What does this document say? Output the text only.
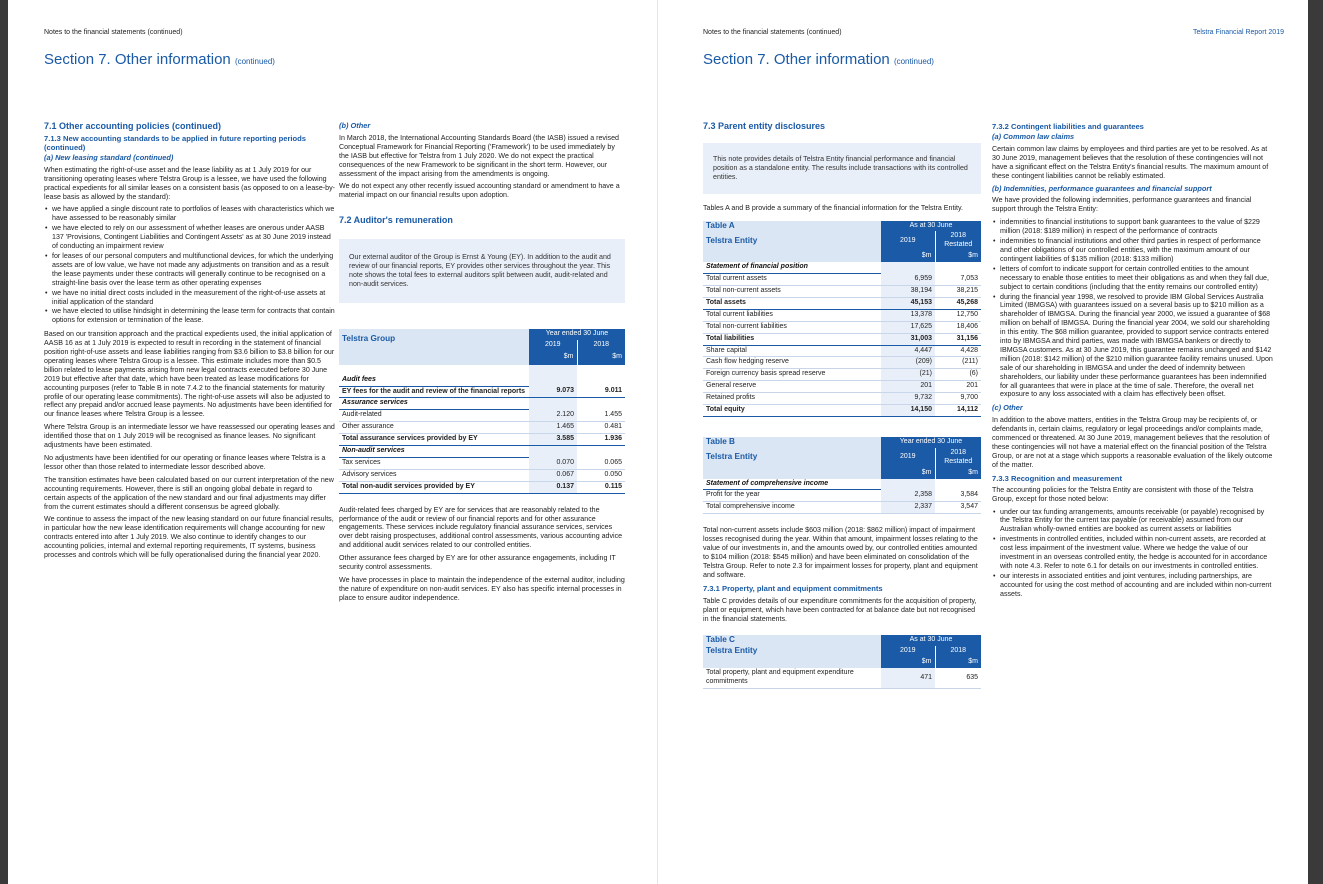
Notes to the financial statements (continued)
Section 7. Other information (continued)
7.1 Other accounting policies (continued)
7.1.3 New accounting standards to be applied in future reporting periods (continued)
(a) New leasing standard (continued)

When estimating the right-of-use asset and the lease liability as at 1 July 2019 for our transitioning operating leases where Telstra Group is a lessee, we have used the following practical expedients for all similar leases on a consistent basis (as opposed to on a lease-by-lease basis as allowed by the standard):

• we have applied a single discount rate to portfolios of leases with characteristics which we have assessed to be reasonably similar
• we have elected to rely on our assessment of whether leases are onerous under AASB 137 'Provisions, Contingent Liabilities and Contingent Assets' as at 30 June 2019 instead of conducting an impairment review
• for leases of our personal computers and multifunctional devices, for which the underlying assets are of low value, we have not made any adjustments on transition and as a result the lease payments under these contracts will generally continue to be recognised on a straight-line basis over the lease term as other operating expenses
• we have no initial direct costs included in the measurement of the right-of-use assets at initial application of the standard
• we have elected to utilise hindsight in determining the lease term for contracts that contain options for extension or termination of the lease.

Based on our transition approach and the practical expedients used, the initial application of AASB 16 as at 1 July 2019 is expected to result in recording in the statement of financial position right-of-use assets and lease liabilities ranging from $3.6 billion to $3.8 billion for our operating leases where Telstra Group is a lessee. This estimate includes more than $0.5 billion related to lease payments arising from new legal contracts executed before 30 June 2019 but effective after that date, which have been treated as lease modifications for accounting purposes (refer to Table B in note 7.4.2 to the financial statements for maturity profile of our operating lease commitments). The right-of-use assets will also be adjusted to reflect any prepaid and/or accrued lease payments. No adjustments have been identified for our finance leases where Telstra Group is a lessee.

Where Telstra Group is an intermediate lessor we have reassessed our operating leases and identified those that on 1 July 2019 will be recognised as finance leases. No significant adjustments have been estimated.

No adjustments have been identified for our operating or finance leases where Telstra is a lessor other than those related to intermediate lessor described above.

The transition estimates have been calculated based on our current interpretation of the new accounting requirements. However, there is still an ongoing global debate in regard to certain aspects of the application of the new standard and our final adjustments may differ from the current estimates should a different consensus be agreed globally.

We continue to assess the impact of the new leasing standard on our future financial results, in particular how the new lease identification requirements will change accounting for new contracts entered into after 1 July 2019. We also continue to identify changes to our accounting policies, internal and external reporting requirements, IT systems, business processes and controls which will be fully operationalised during the financial year 2020.

(b) Other

In March 2018, the International Accounting Standards Board (the IASB) issued a revised Conceptual Framework for Financial Reporting ('Framework') to be used immediately by the IASB but effective for Telstra from 1 July 2020. We do not expect the practical consequences of the new Framework to be significant in the short term. However, our assessment of the impact arising from the amendments is ongoing.

We do not expect any other recently issued accounting standard or amendment to have a material impact on our financial results upon adoption.

7.2 Auditor's remuneration
Our external auditor of the Group is Ernst & Young (EY). In addition to the audit and review of our financial reports, EY provides other services throughout the year. This note shows the total fees to external auditors split between audit, audit-related and non-audit services.
Telstra Group	Year ended 30 June	
	2019	2018
	$m	$m

Audit fees		
EY fees for the audit and review of the financial reports	9.073	9.011
Assurance services		
Audit-related	2.120	1.455
Other assurance	1.465	0.481
Total assurance services provided by EY	3.585	1.936
Non-audit services		
Tax services	0.070	0.065
Advisory services	0.067	0.050
Total non-audit services provided by EY	0.137	0.115

Audit-related fees charged by EY are for services that are reasonably related to the performance of the audit or review of our financial reports and for other assurance engagements. These services include regulatory financial assurance services, services over debt raising prospectuses, additional control assessments, various accounting advice and additional audit services related to our controlled entities.

Other assurance fees charged by EY are for other assurance engagements, including IT security control assessments.

We have processes in place to maintain the independence of the external auditor, including the nature of expenditure on non-audit services. EY also has specific internal processes in place to ensure auditor independence.

Notes to the financial statements (continued)	Telstra Financial Report 2019
Section 7. Other information (continued)
7.3 Parent entity disclosures
This note provides details of Telstra Entity financial performance and financial position as a standalone entity. The results include transactions with its controlled entities.

Tables A and B provide a summary of the financial information for the Telstra Entity.

Table A	As at 30 June	
Telstra Entity	2019	2018
Restated
	$m	$m
Statement of financial position		
Total current assets	6,959	7,053
Total non-current assets	38,194	38,215
Total assets	45,153	45,268
Total current liabilities	13,378	12,750
Total non-current liabilities	17,625	18,406
Total liabilities	31,003	31,156
Share capital	4,447	4,428
Cash flow hedging reserve	(209)	(211)
Foreign currency basis spread reserve	(21)	(6)
General reserve	201	201
Retained profits	9,732	9,700
Total equity	14,150	14,112
Table B	Year ended 30 June	
Telstra Entity	2019	2018
Restated
	$m	$m
Statement of comprehensive income		
Profit for the year	2,358	3,584
Total comprehensive income	2,337	3,547

Total non-current assets include $603 million (2018: $862 million) impact of impairment losses recognised during the year. Within that amount, impairment losses relating to the value of our investments in, and the amounts owed by, our controlled entities amounted to $104 million (2018: $545 million) and have been eliminated on consolidation of the Telstra Group. Refer to note 2.3 for impairment losses for property, plant and equipment and software.

7.3.1 Property, plant and equipment commitments

Table C provides details of our expenditure commitments for the acquisition of property, plant or equipment, which have been contracted for at balance date but not recognised in the financial statements.

Table C	As at 30 June	
Telstra Entity	2019	2018
	$m	$m
Total property, plant and equipment expenditure commitments	471	635
7.3.2 Contingent liabilities and guarantees
(a) Common law claims

Certain common law claims by employees and third parties are yet to be resolved. As at 30 June 2019, management believes that the resolution of these contingencies will not have a significant effect on the Telstra Entity's financial results. The maximum amount of these contingent liabilities cannot be reliably estimated.

(b) Indemnities, performance guarantees and financial support

We have provided the following indemnities, performance guarantees and financial support through the Telstra Entity:

• indemnities to financial institutions to support bank guarantees to the value of $229 million (2018: $189 million) in respect of the performance of contracts
• indemnities to financial institutions and other third parties in respect of performance and other obligations of our controlled entities, with the maximum amount of our contingent liabilities of $135 million (2018: $133 million)
• letters of comfort to indicate support for certain controlled entities to the amount necessary to enable those entities to meet their obligations as and when they fall due, subject to certain conditions (including that the entity remains our controlled entity)
• during the financial year 1998, we resolved to provide IBM Global Services Australia Limited (IBMGSA) with guarantees issued on a several basis up to $210 million as a shareholder of IBMGSA. During the financial year 2000, we issued a guarantee of $68 million on behalf of IBMGSA. During the financial year 2004, we sold our shareholding in this entity. The $68 million guarantee, provided to support service contracts entered into by IBMGSA and third parties, was made with IBMGSA bankers or directly to IBMGSA customers. As at 30 June 2019, this guarantee remains unchanged and $142 million (2018: $142 million) of the $210 million guarantee facility remains unused. Upon sale of our shareholding in IBMGSA and under the deed of indemnity between shareholders, our liability under these performance guarantees has been indemnified for all guarantees that were in place at the time of sale. Therefore, the overall net exposure to any loss associated with a claim has effectively been offset.
(c) Other

In addition to the above matters, entities in the Telstra Group may be recipients of, or defendants in, certain claims, regulatory or legal proceedings and/or complaints made, commenced or threatened. At 30 June 2019, management believes that the resolution of these contingencies will not have a material effect on the financial position of the Telstra Group, or are not at a stage which supports a reasonable evaluation of the likely outcome of the matter.

7.3.3 Recognition and measurement

The accounting policies for the Telstra Entity are consistent with those of the Telstra Group, except for those noted below:

• under our tax funding arrangements, amounts receivable (or payable) recognised by the Telstra Entity for the current tax payable (or receivable) assumed from our Australian wholly-owned entities are booked as current assets or liabilities
• investments in controlled entities, included within non-current assets, are recorded at cost less impairment of the investment value. Where we hedge the value of our investment in an overseas controlled entity, the hedge is accounted for in accordance with note 4.3. Refer to note 6.1 for details on our investments in controlled entities.
• our interests in associated entities and joint ventures, including partnerships, are accounted for using the cost method of accounting and are included within non-current assets.
